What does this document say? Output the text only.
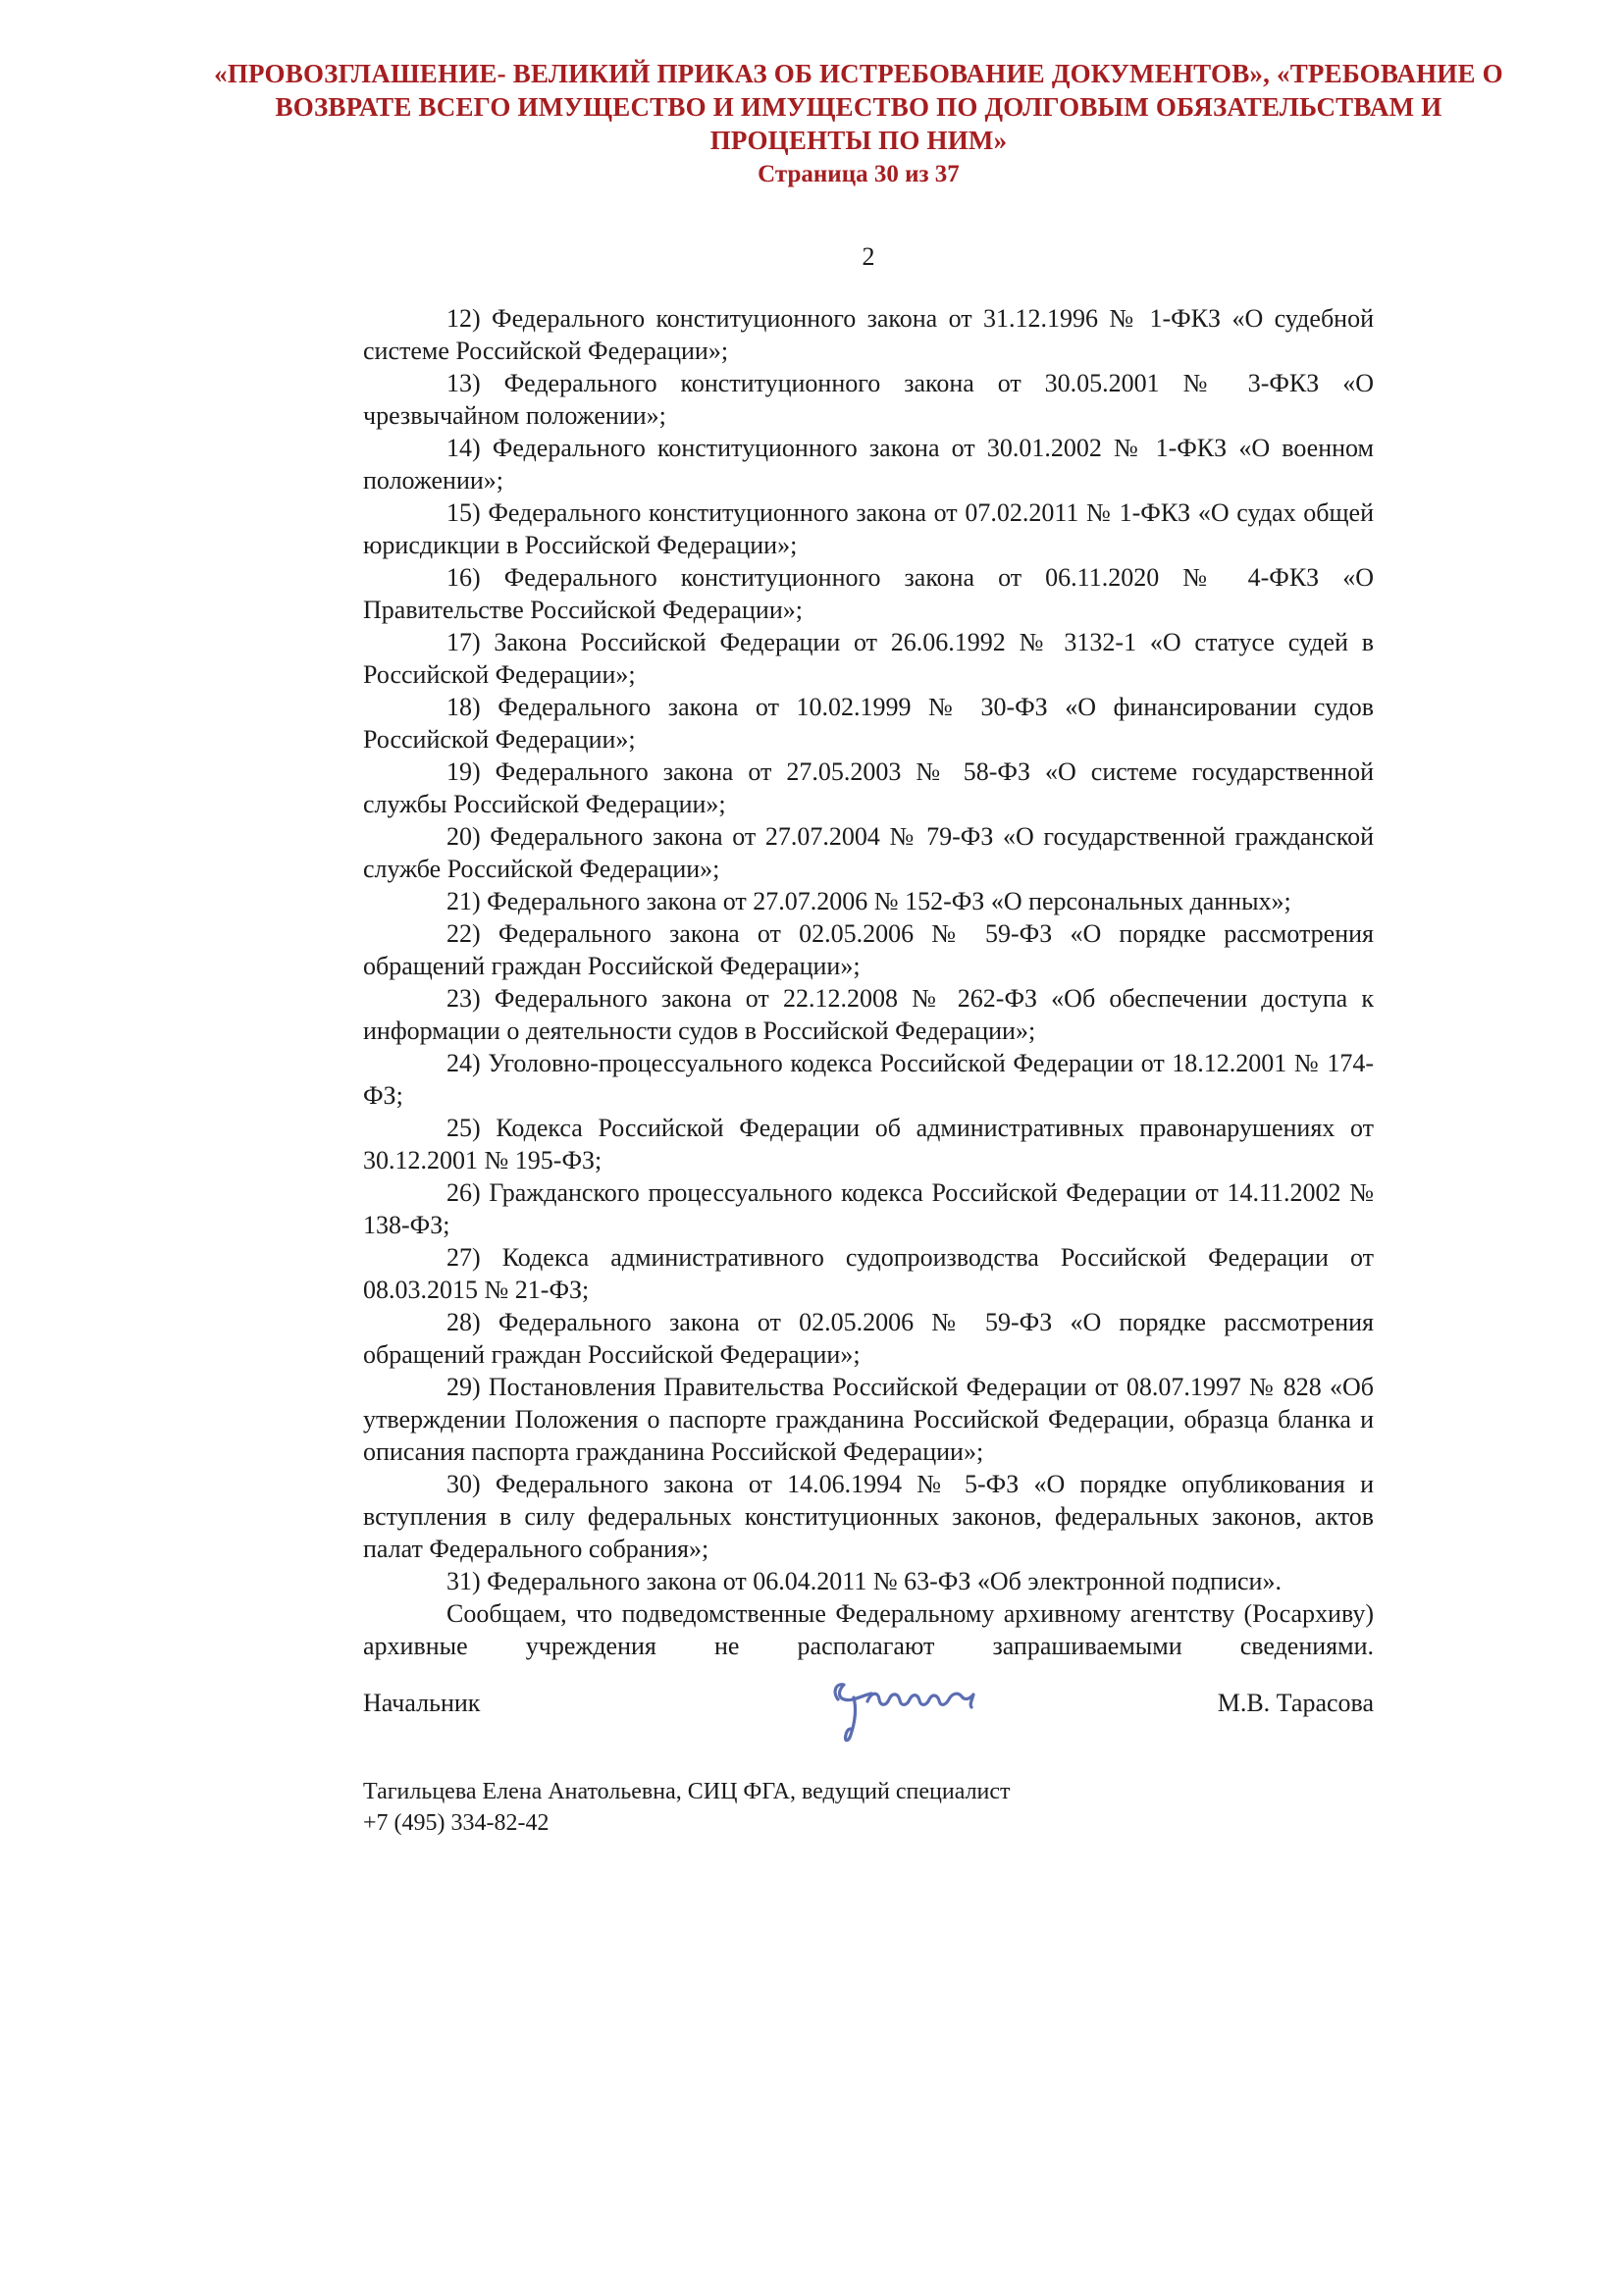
«ПРОВОЗГЛАШЕНИЕ- ВЕЛИКИЙ ПРИКАЗ ОБ ИСТРЕБОВАНИЕ ДОКУМЕНТОВ», «ТРЕБОВАНИЕ О
ВОЗВРАТЕ ВСЕГО ИМУЩЕСТВО И ИМУЩЕСТВО ПО ДОЛГОВЫМ ОБЯЗАТЕЛЬСТВАМ И
ПРОЦЕНТЫ ПО НИМ»
Страница 30 из 37

2

12) Федерального конституционного закона от 31.12.1996 № 1-ФКЗ «О судебной системе Российской Федерации»;

13) Федерального конституционного закона от 30.05.2001 № 3-ФКЗ «О чрезвычайном положении»;

14) Федерального конституционного закона от 30.01.2002 № 1-ФКЗ «О военном положении»;

15) Федерального конституционного закона от 07.02.2011 № 1-ФКЗ «О судах общей юрисдикции в Российской Федерации»;

16) Федерального конституционного закона от 06.11.2020 № 4-ФКЗ «О Правительстве Российской Федерации»;

17) Закона Российской Федерации от 26.06.1992 № 3132-1 «О статусе судей в Российской Федерации»;

18) Федерального закона от 10.02.1999 № 30-ФЗ «О финансировании судов Российской Федерации»;

19) Федерального закона от 27.05.2003 № 58-ФЗ «О системе государственной службы Российской Федерации»;

20) Федерального закона от 27.07.2004 № 79-ФЗ «О государственной гражданской службе Российской Федерации»;

21) Федерального закона от 27.07.2006 № 152-ФЗ «О персональных данных»;

22) Федерального закона от 02.05.2006 № 59-ФЗ «О порядке рассмотрения обращений граждан Российской Федерации»;

23) Федерального закона от 22.12.2008 № 262-ФЗ «Об обеспечении доступа к информации о деятельности судов в Российской Федерации»;

24) Уголовно-процессуального кодекса Российской Федерации от 18.12.2001 № 174-ФЗ;

25) Кодекса Российской Федерации об административных правонарушениях от 30.12.2001 № 195-ФЗ;

26) Гражданского процессуального кодекса Российской Федерации от 14.11.2002 № 138-ФЗ;

27) Кодекса административного судопроизводства Российской Федерации от 08.03.2015 № 21-ФЗ;

28) Федерального закона от 02.05.2006 № 59-ФЗ «О порядке рассмотрения обращений граждан Российской Федерации»;

29) Постановления Правительства Российской Федерации от 08.07.1997 № 828 «Об утверждении Положения о паспорте гражданина Российской Федерации, образца бланка и описания паспорта гражданина Российской Федерации»;

30) Федерального закона от 14.06.1994 № 5-ФЗ «О порядке опубликования и вступления в силу федеральных конституционных законов, федеральных законов, актов палат Федерального собрания»;

31) Федерального закона от 06.04.2011 № 63-ФЗ «Об электронной подписи».

Сообщаем, что подведомственные Федеральному архивному агентству (Росархиву) архивные учреждения не располагают запрашиваемыми сведениями.

Начальник	М.В. Тарасова

Тагильцева Елена Анатольевна, СИЦ ФГА, ведущий специалист

+7 (495) 334-82-42
